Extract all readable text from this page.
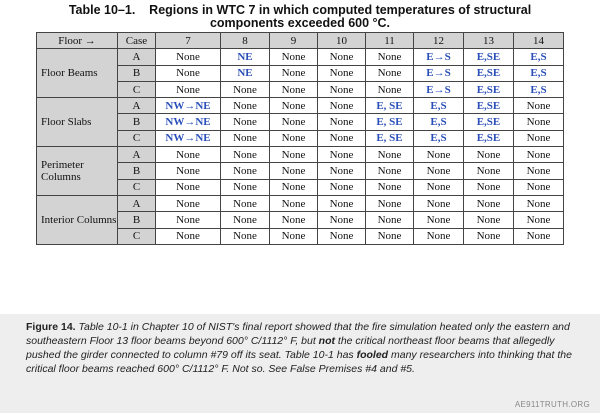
Table 10–1.    Regions in WTC 7 in which computed temperatures of structural
components exceeded 600 °C.
Floor →	Case	7	8	9	10	11	12	13	14
Floor Beams	A	None	NE	None	None	None	E→S	E,SE	E,S
	B	None	NE	None	None	None	E→S	E,SE	E,S
	C	None	None	None	None	None	E→S	E,SE	E,S
Floor Slabs	A	NW→NE	None	None	None	E, SE	E,S	E,SE	None
	B	NW→NE	None	None	None	E, SE	E,S	E,SE	None
	C	NW→NE	None	None	None	E, SE	E,S	E,SE	None
Perimeter Columns	A	None	None	None	None	None	None	None	None
	B	None	None	None	None	None	None	None	None
	C	None	None	None	None	None	None	None	None
Interior Columns	A	None	None	None	None	None	None	None	None
	B	None	None	None	None	None	None	None	None
	C	None	None	None	None	None	None	None	None
Figure 14. Table 10-1 in Chapter 10 of NIST's final report showed that the fire simulation heated only the eastern and southeastern Floor 13 floor beams beyond 600° C/1112° F, but not the critical northeast floor beams that allegedly pushed the girder connected to column #79 off its seat. Table 10-1 has fooled many researchers into thinking that the critical floor beams reached 600° C/1112° F. Not so. See False Premises #4 and #5.
AE911TRUTH.ORG
